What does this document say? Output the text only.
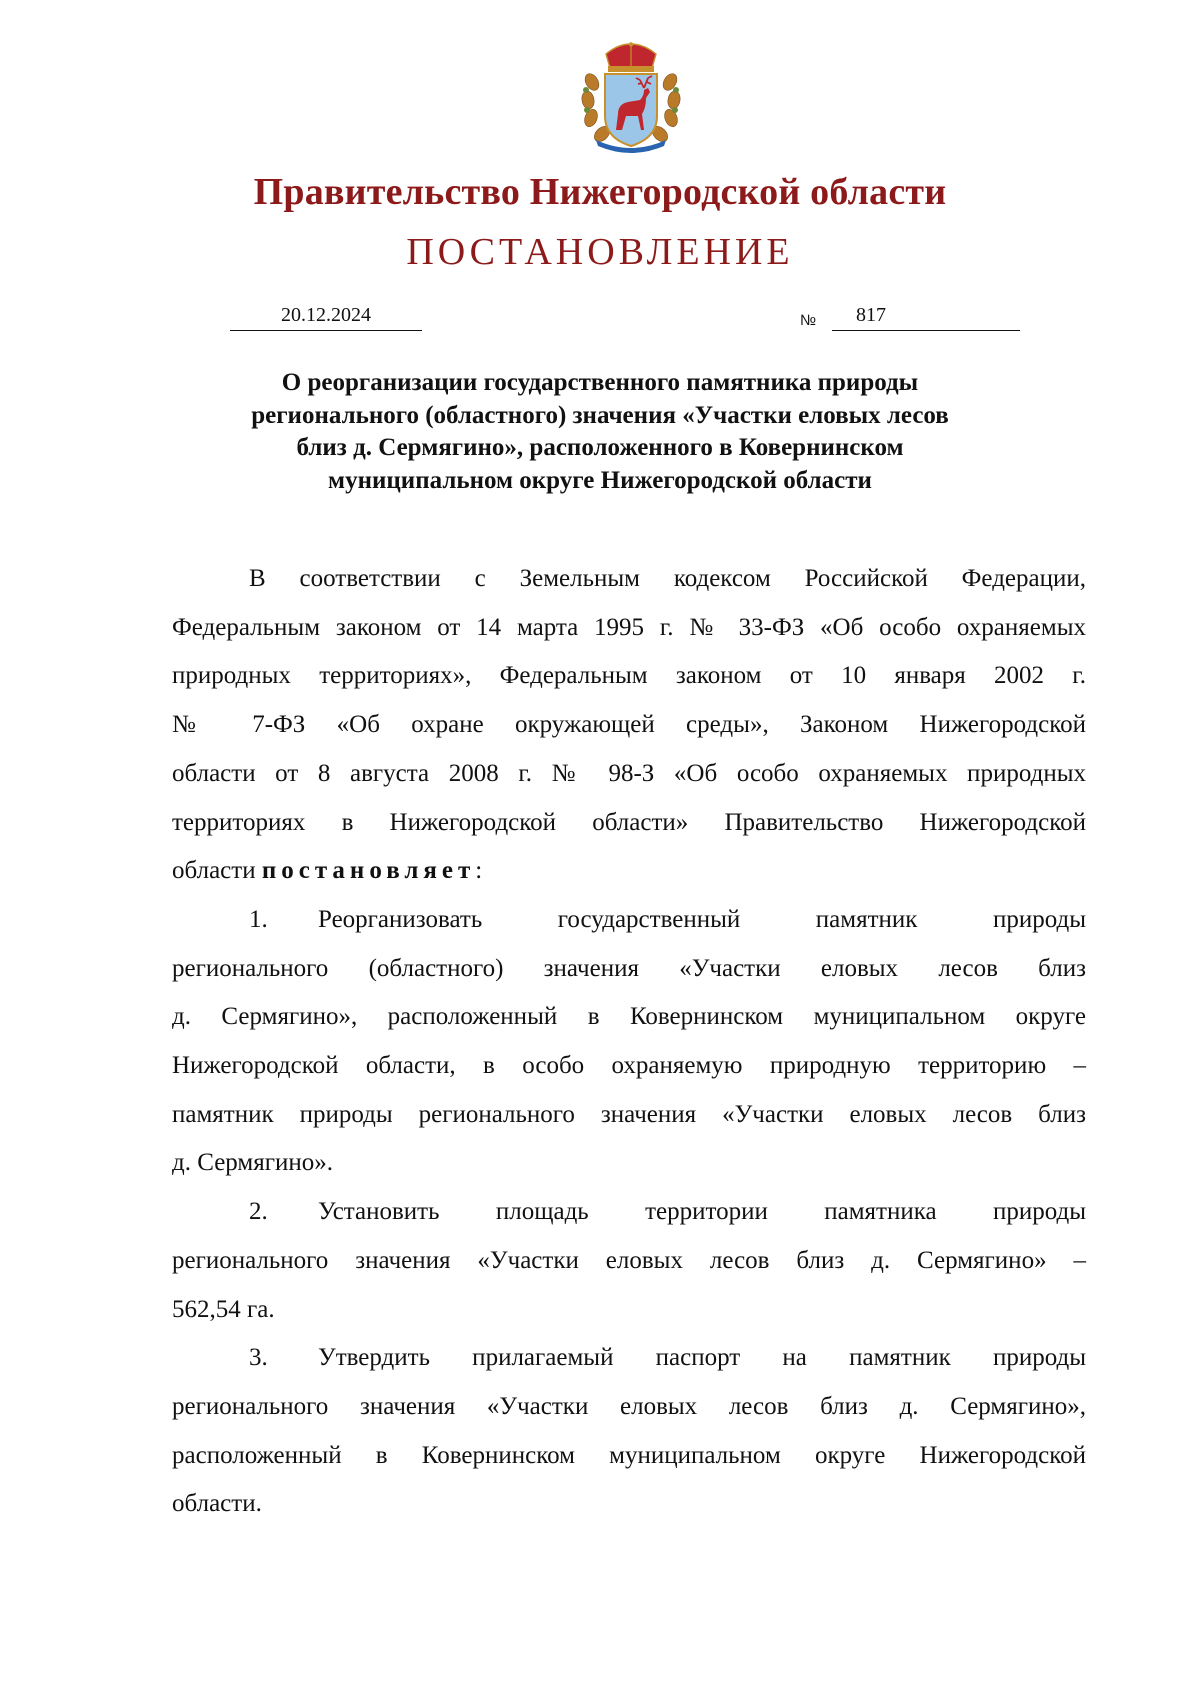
Правительство Нижегородской области
ПОСТАНОВЛЕНИЕ
20.12.2024	№	817
О реорганизации государственного памятника природы
регионального (областного) значения «Участки еловых лесов
близ д. Сермягино», расположенного в Ковернинском
муниципальном округе Нижегородской области
В соответствии с Земельным кодексом Российской Федерации,
Федеральным законом от 14 марта 1995 г. № 33-ФЗ «Об особо охраняемых
природных территориях», Федеральным законом от 10 января 2002 г.
№ 7-ФЗ «Об охране окружающей среды», Законом Нижегородской
области от 8 августа 2008 г. № 98-З «Об особо охраняемых природных
территориях в Нижегородской области» Правительство Нижегородской
области постановляет:
1. Реорганизовать государственный памятник природы
регионального (областного) значения «Участки еловых лесов близ
д. Сермягино», расположенный в Ковернинском муниципальном округе
Нижегородской области, в особо охраняемую природную территорию –
памятник природы регионального значения «Участки еловых лесов близ
д. Сермягино».
2. Установить площадь территории памятника природы
регионального значения «Участки еловых лесов близ д. Сермягино» –
562,54 га.
3. Утвердить прилагаемый паспорт на памятник природы
регионального значения «Участки еловых лесов близ д. Сермягино»,
расположенный в Ковернинском муниципальном округе Нижегородской
области.
